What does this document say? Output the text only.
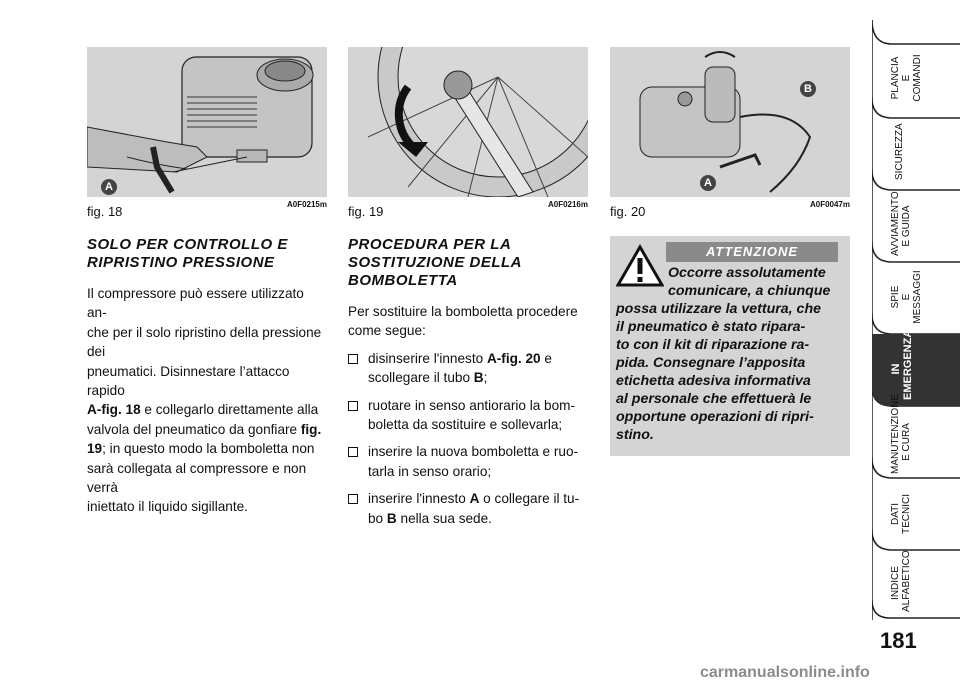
A
fig. 18	A0F0215m fig. 19	A0F0216m
B
A
fig. 20	A0F0047m
SOLO PER CONTROLLO E
RIPRISTINO PRESSIONE

Il compressore può essere utilizzato an-
che per il solo ripristino della pressione dei
pneumatici. Disinnestare l’attacco rapido
A-fig. 18 e collegarlo direttamente alla
valvola del pneumatico da gonfiare fig.
19; in questo modo la bomboletta non
sarà collegata al compressore e non verrà
iniettato il liquido sigillante.

PROCEDURA PER LA
SOSTITUZIONE DELLA
BOMBOLETTA

Per sostituire la bomboletta procedere
come segue:

disinserire l'innesto A-fig. 20 e
scollegare il tubo B;
ruotare in senso antiorario la bom-
boletta da sostituire e sollevarla;
inserire la nuova bomboletta e ruo-
tarla in senso orario;
inserire l'innesto A o collegare il tu-
bo B nella sua sede.
ATTENZIONE
Occorre assolutamente
comunicare, a chiunque
possa utilizzare la vettura, che
il pneumatico è stato ripara-
to con il kit di riparazione ra-
pida. Consegnare l’apposita
etichetta adesiva informativa
al personale che effettuerà le
opportune operazioni di ripri-
stino.
PLANCIA
E COMANDI
SICUREZZA
AVVIAMENTO
E GUIDA
SPIE
E MESSAGGI
IN
EMERGENZA
MANUTENZIONE
E CURA
DATI
TECNICI
INDICE
ALFABETICO
181
carmanualsonline.info
